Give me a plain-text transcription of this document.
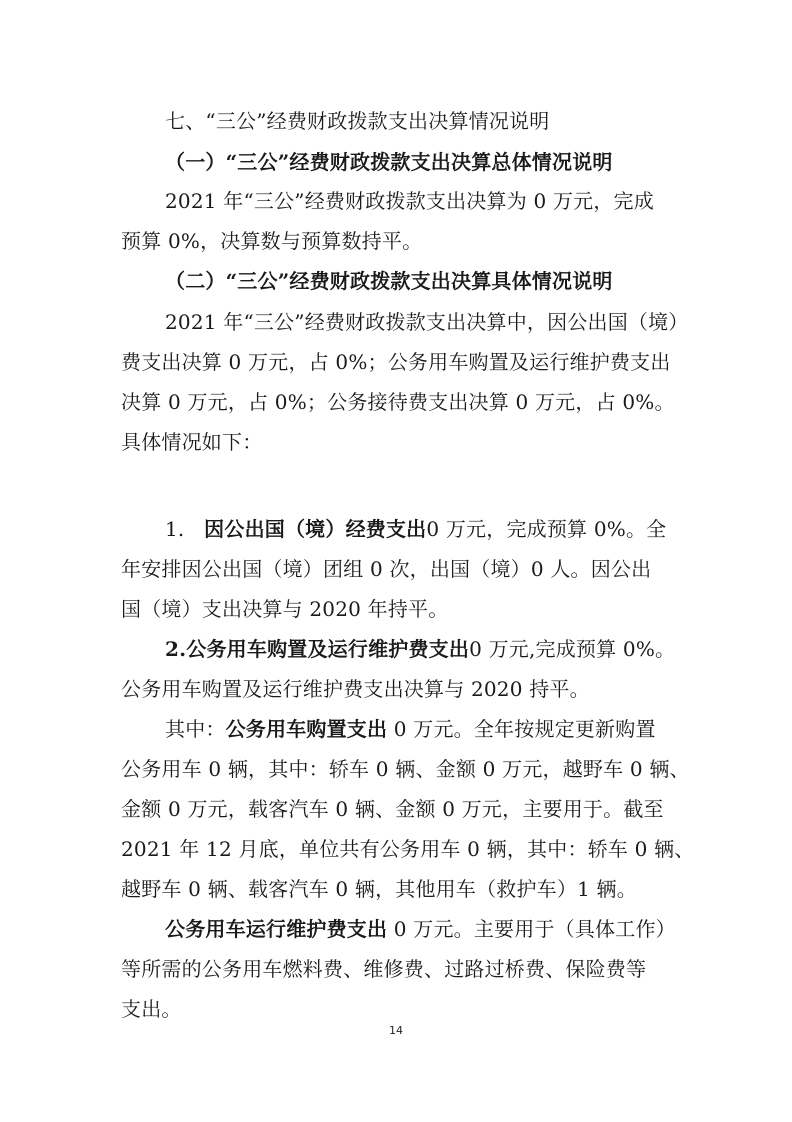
七、“三公”经费财政拨款支出决算情况说明
（一）“三公”经费财政拨款支出决算总体情况说明
2021 年“三公”经费财政拨款支出决算为 0 万元，完成
预算 0%，决算数与预算数持平。
（二）“三公”经费财政拨款支出决算具体情况说明
2021 年“三公”经费财政拨款支出决算中，因公出国（境）
费支出决算 0 万元，占 0%；公务用车购置及运行维护费支出
决算 0 万元，占 0%；公务接待费支出决算 0 万元，占 0%。
具体情况如下：
1. 因公出国（境）经费支出0 万元，完成预算 0%。全
年安排因公出国（境）团组 0 次，出国（境）0 人。因公出
国（境）支出决算与 2020 年持平。
2.公务用车购置及运行维护费支出0 万元,完成预算 0%。
公务用车购置及运行维护费支出决算与 2020 持平。
其中：公务用车购置支出 0 万元。全年按规定更新购置
公务用车 0 辆，其中：轿车 0 辆、金额 0 万元，越野车 0 辆、
金额 0 万元，载客汽车 0 辆、金额 0 万元，主要用于。截至
2021 年 12 月底，单位共有公务用车 0 辆，其中：轿车 0 辆、
越野车 0 辆、载客汽车 0 辆，其他用车（救护车）1 辆。
公务用车运行维护费支出 0 万元。主要用于（具体工作）
等所需的公务用车燃料费、维修费、过路过桥费、保险费等
支出。
14
